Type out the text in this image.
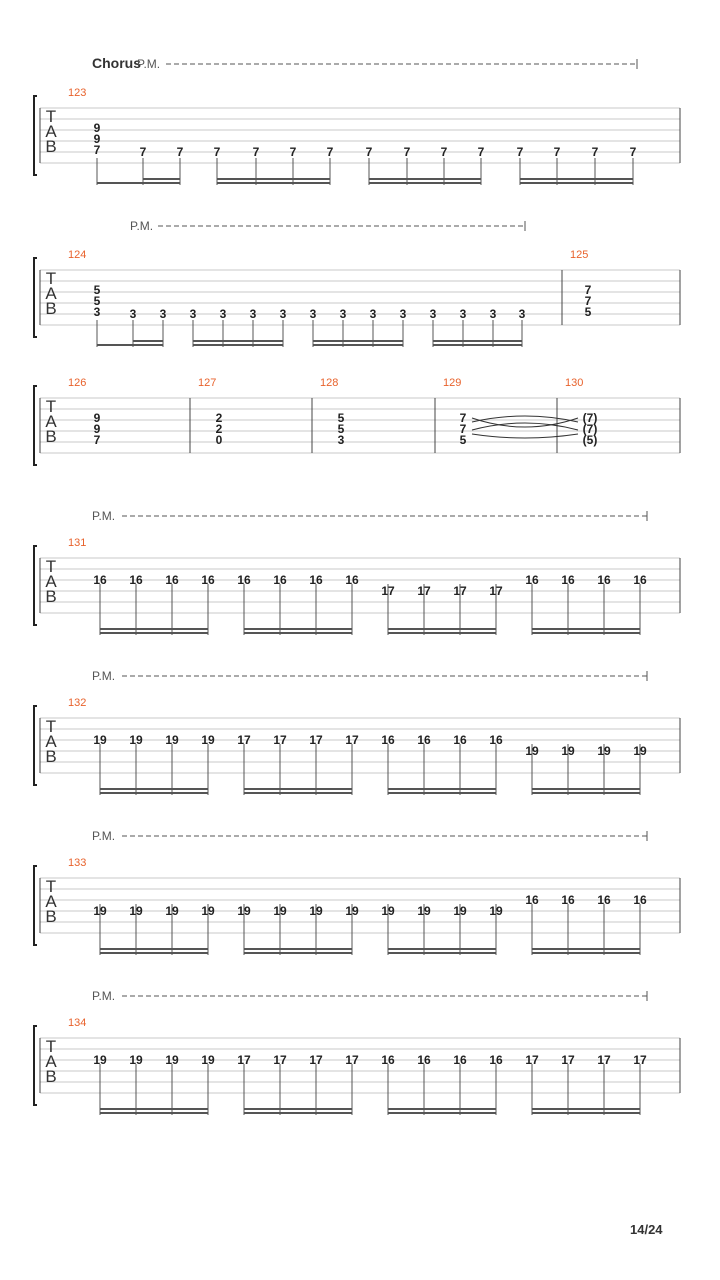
T
A
B
Chorus
P.M.
123
9
9
7	7	7	7	7	7	7	7	7	7	7	7	7	7	7
T
A
B
P.M.
124
5
5
3 3 3 3 3 3 3 3 3 3 3 3 3 3 3
125
7
7
5
T
A
B
126
9
9
7
127
2
2
0
128
5
5
3
129
7
7
5
130
(7)
(7)
(5)
T
A
B
P.M.
131
16 16 16 16 16 16 16 16
17 17 17 17
16 16 16 16
T
A
B
P.M.
132
19 19 19 19 17 17 17 17 16 16 16 16
19 19 19 19
T
A
B
P.M.
133
19 19 19 19 19 19 19 19 19 19 19 19
16 16 16 16
T
A
B
P.M.
134
19 19 19 19 17 17 17 17 16 16 16 16 17 17 17 17
14/24
